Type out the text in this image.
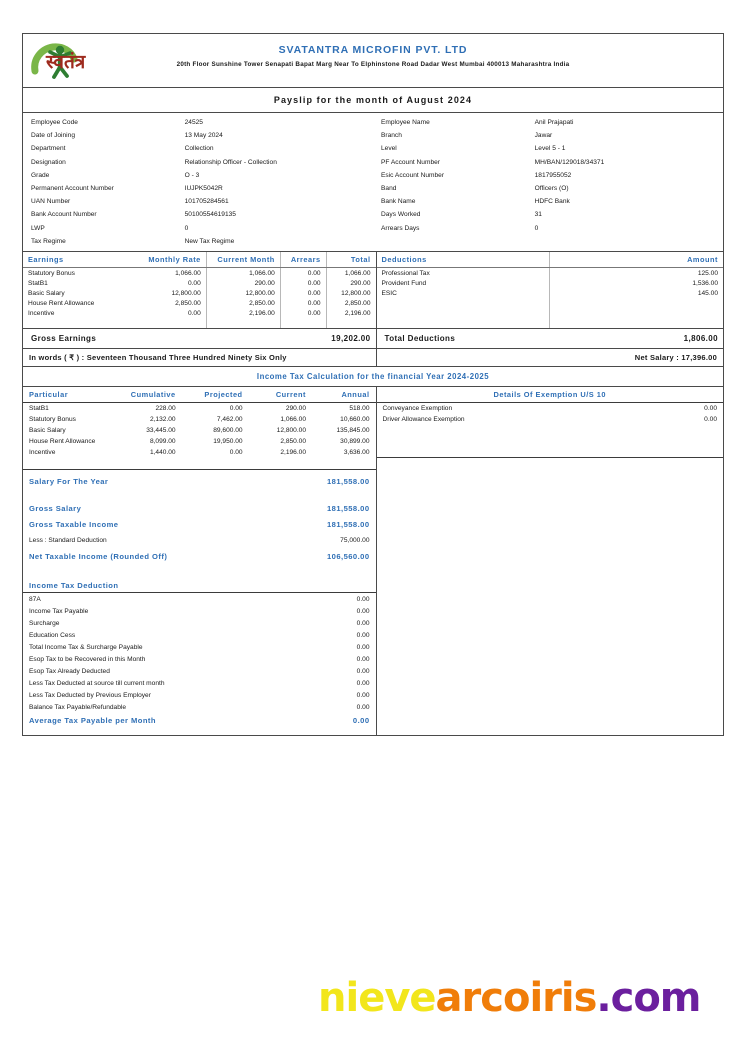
स्वतंत्र
SVATANTRA MICROFIN PVT. LTD
20th Floor Sunshine Tower Senapati Bapat Marg Near To Elphinstone Road Dadar West Mumbai 400013 Maharashtra India
Payslip for the month of August 2024
Employee Code	24525
Date of Joining	13 May 2024
Department	Collection
Designation	Relationship Officer - Collection
Grade	O - 3
Permanent Account Number	IUJPK5042R
UAN Number	101705284561
Bank Account Number	50100554619135
LWP	0
Tax Regime	New Tax Regime
Employee Name	Anil Prajapati
Branch	Jawar
Level	Level 5 - 1
PF Account Number	MH/BAN/129018/34371
Esic Account Number	1817955052
Band	Officers (O)
Bank Name	HDFC Bank
Days Worked	31
Arrears Days	0
Earnings	Monthly Rate	Current Month	Arrears	Total
Statutory Bonus	1,066.00	1,066.00	0.00	1,066.00
StatB1	0.00	290.00	0.00	290.00
Basic Salary	12,800.00	12,800.00	0.00	12,800.00
House Rent Allowance	2,850.00	2,850.00	0.00	2,850.00
Incentive	0.00	2,196.00	0.00	2,196.00

Deductions	Amount
Professional Tax	125.00
Provident Fund	1,536.00
ESIC	145.00

Gross Earnings	19,202.00 Total Deductions	1,806.00
In words ( ₹ ) : Seventeen Thousand Three Hundred Ninety Six Only	Net Salary : 17,396.00
Income Tax Calculation for the financial Year 2024-2025
Particular	Cumulative	Projected	Current	Annual
StatB1	228.00	0.00	290.00	518.00
Statutory Bonus	2,132.00	7,462.00	1,066.00	10,660.00
Basic Salary	33,445.00	89,600.00	12,800.00	135,845.00
House Rent Allowance	8,099.00	19,950.00	2,850.00	30,899.00
Incentive	1,440.00	0.00	2,196.00	3,636.00

Salary For The Year	181,558.00
Gross Salary	181,558.00
Gross Taxable Income	181,558.00
Less : Standard Deduction	75,000.00
Net Taxable Income (Rounded Off)	106,560.00
Income Tax Deduction
87A	0.00
Income Tax Payable	0.00
Surcharge	0.00
Education Cess	0.00
Total Income Tax & Surcharge Payable	0.00
Esop Tax to be Recovered in this Month	0.00
Esop Tax Already Deducted	0.00
Less Tax Deducted at source till current month	0.00
Less Tax Deducted by Previous Employer	0.00
Balance Tax Payable/Refundable	0.00
Average Tax Payable per Month	0.00
Details Of Exemption U/S 10
Conveyance Exemption	0.00
Driver Allowance Exemption	0.00
nievearcoiris.com
